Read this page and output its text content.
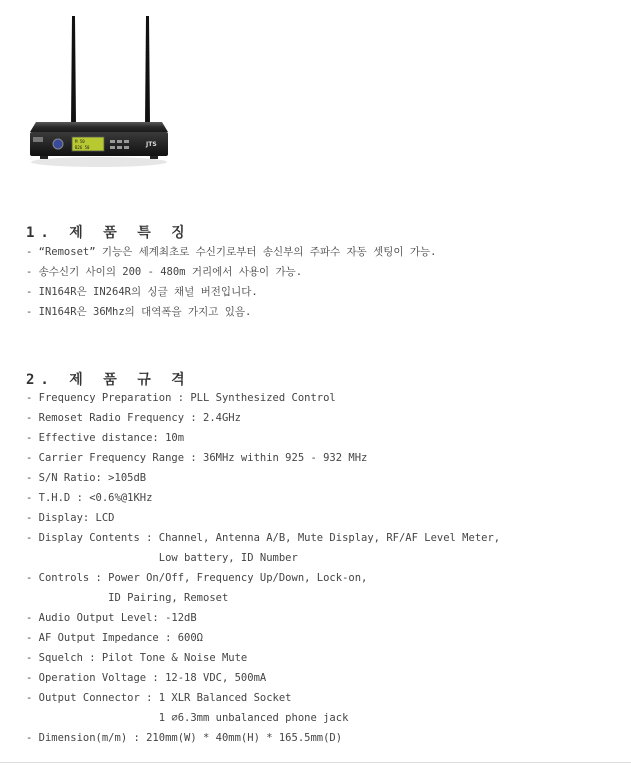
M 50
B26 50	JTS
1. 제 품 특 징
- “Remoset” 기능은 세계최초로 수신기로부터 송신부의 주파수 자동 셋팅이 가능.
- 송수신기 사이의 200 - 480m 거리에서 사용이 가능.
- IN164R은 IN264R의 싱글 채널 버전입니다.
- IN164R은 36Mhz의 대역폭을 가지고 있음.
2. 제 품 규 격
- Frequency Preparation : PLL Synthesized Control
- Remoset Radio Frequency : 2.4GHz
- Effective distance: 10m
- Carrier Frequency Range : 36MHz within 925 - 932 MHz
- S/N Ratio: >105dB
- T.H.D : <0.6%@1KHz
- Display: LCD
- Display Contents : Channel, Antenna A/B, Mute Display, RF/AF Level Meter,
Low battery, ID Number
- Controls : Power On/Off, Frequency Up/Down, Lock-on,
ID Pairing, Remoset
- Audio Output Level: -12dB
- AF Output Impedance : 600Ω
- Squelch : Pilot Tone & Noise Mute
- Operation Voltage : 12-18 VDC, 500mA
- Output Connector : 1 XLR Balanced Socket
1 ∅6.3mm unbalanced phone jack
- Dimension(m/m) : 210mm(W) * 40mm(H) * 165.5mm(D)
